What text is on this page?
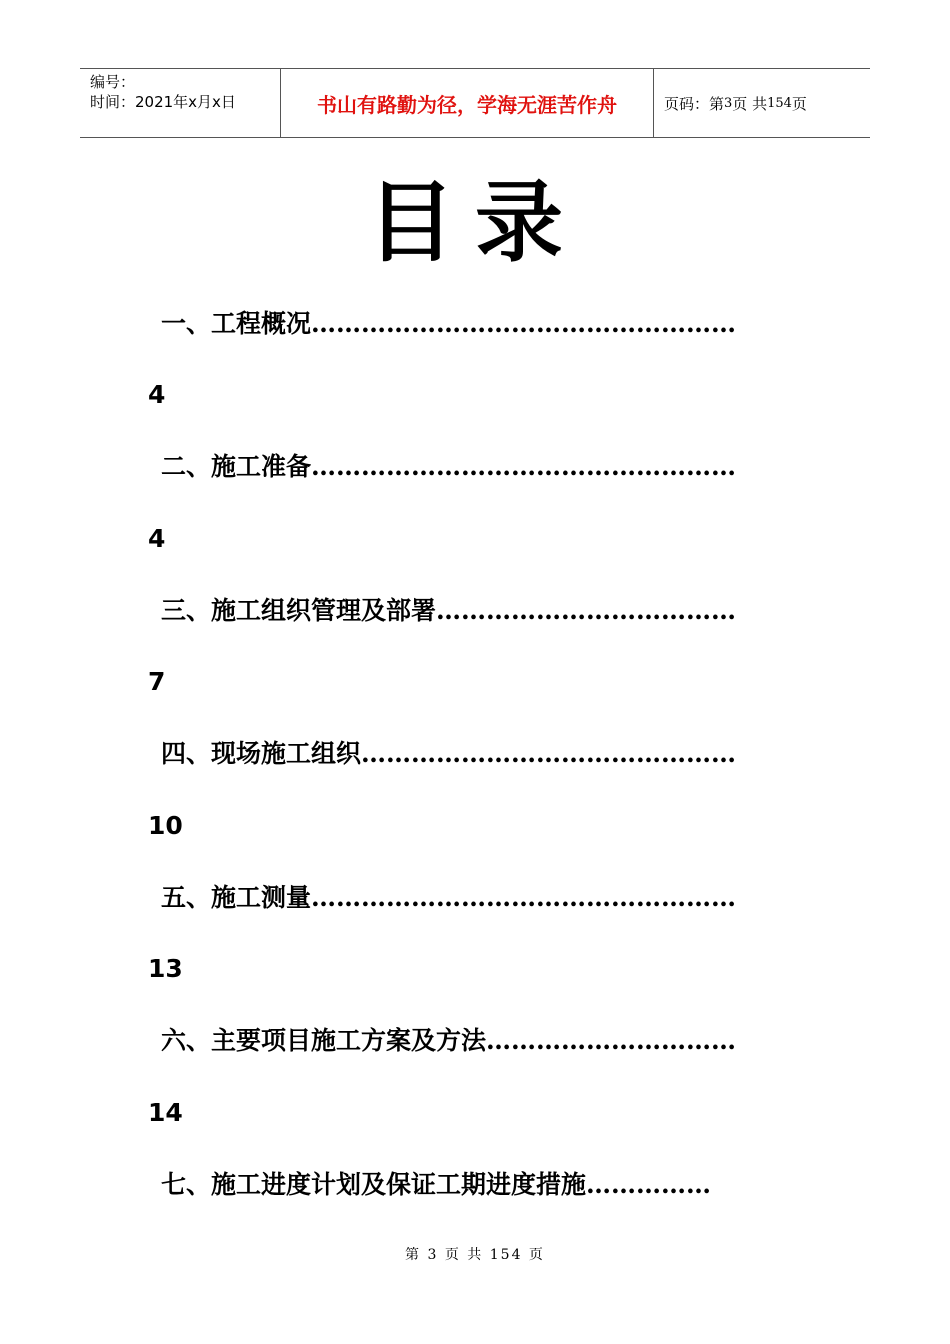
编号：
时间：2021年x月x日	书山有路勤为径，学海无涯苦作舟	页码：第 3 页 共 154 页
目录
一、工程概况……………………………………………
4
二、施工准备……………………………………………
4
三、施工组织管理及部署………………………………
7
四、现场施工组织………………………………………
10
五、施工测量……………………………………………
13
六、主要项目施工方案及方法…………………………
14
七、施工进度计划及保证工期进度措施……………
第 3 页 共 154 页
